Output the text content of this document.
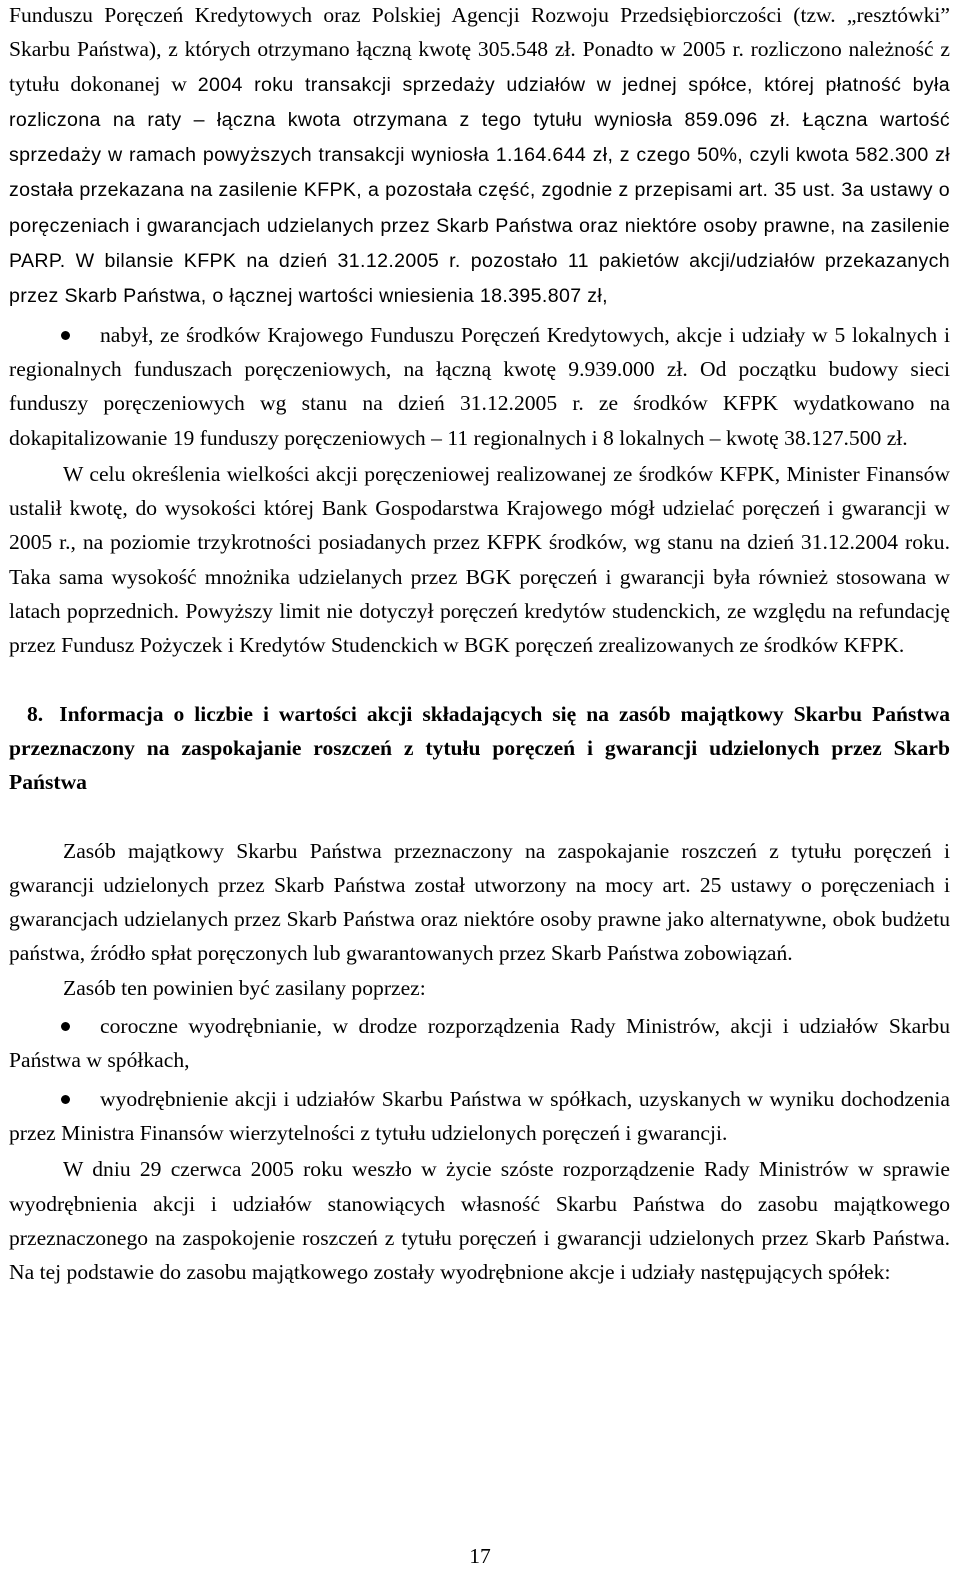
Funduszu Poręczeń Kredytowych oraz Polskiej Agencji Rozwoju Przedsiębiorczości (tzw. „resztówki” Skarbu Państwa), z których otrzymano łączną kwotę 305.548 zł. Ponadto w 2005 r. rozliczono należność z tytułu dokonanej w 2004 roku transakcji sprzedaży udziałów w jednej spółce, której płatność była rozliczona na raty – łączna kwota otrzymana z tego tytułu wyniosła 859.096 zł. Łączna wartość sprzedaży w ramach powyższych transakcji wyniosła 1.164.644 zł, z czego 50%, czyli kwota 582.300 zł została przekazana na zasilenie KFPK, a pozostała część, zgodnie z przepisami art. 35 ust. 3a ustawy o poręczeniach i gwarancjach udzielanych przez Skarb Państwa oraz niektóre osoby prawne, na zasilenie PARP. W bilansie KFPK na dzień 31.12.2005 r. pozostało 11 pakietów akcji/udziałów przekazanych przez Skarb Państwa, o łącznej wartości wniesienia 18.395.807 zł,

nabył, ze środków Krajowego Funduszu Poręczeń Kredytowych, akcje i udziały w 5 lokalnych i regionalnych funduszach poręczeniowych, na łączną kwotę 9.939.000 zł. Od początku budowy sieci funduszy poręczeniowych wg stanu na dzień 31.12.2005 r. ze środków KFPK wydatkowano na dokapitalizowanie 19 funduszy poręczeniowych – 11 regionalnych i 8 lokalnych – kwotę 38.127.500 zł.

W celu określenia wielkości akcji poręczeniowej realizowanej ze środków KFPK, Minister Finansów ustalił kwotę, do wysokości której Bank Gospodarstwa Krajowego mógł udzielać poręczeń i gwarancji w 2005 r., na poziomie trzykrotności posiadanych przez KFPK środków, wg stanu na dzień 31.12.2004 roku. Taka sama wysokość mnożnika udzielanych przez BGK poręczeń i gwarancji była również stosowana w latach poprzednich. Powyższy limit nie dotyczył poręczeń kredytów studenckich, ze względu na refundację przez Fundusz Pożyczek i Kredytów Studenckich w BGK poręczeń zrealizowanych ze środków KFPK.

8. Informacja o liczbie i wartości akcji składających się na zasób majątkowy Skarbu Państwa przeznaczony na zaspokajanie roszczeń z tytułu poręczeń i gwarancji udzielonych przez Skarb Państwa

Zasób majątkowy Skarbu Państwa przeznaczony na zaspokajanie roszczeń z tytułu poręczeń i gwarancji udzielonych przez Skarb Państwa został utworzony na mocy art. 25 ustawy o poręczeniach i gwarancjach udzielanych przez Skarb Państwa oraz niektóre osoby prawne jako alternatywne, obok budżetu państwa, źródło spłat poręczonych lub gwarantowanych przez Skarb Państwa zobowiązań.

Zasób ten powinien być zasilany poprzez:

coroczne wyodrębnianie, w drodze rozporządzenia Rady Ministrów, akcji i udziałów Skarbu Państwa w spółkach,

wyodrębnienie akcji i udziałów Skarbu Państwa w spółkach, uzyskanych w wyniku dochodzenia przez Ministra Finansów wierzytelności z tytułu udzielonych poręczeń i gwarancji.

W dniu 29 czerwca 2005 roku weszło w życie szóste rozporządzenie Rady Ministrów w sprawie wyodrębnienia akcji i udziałów stanowiących własność Skarbu Państwa do zasobu majątkowego przeznaczonego na zaspokojenie roszczeń z tytułu poręczeń i gwarancji udzielonych przez Skarb Państwa. Na tej podstawie do zasobu majątkowego zostały wyodrębnione akcje i udziały następujących spółek:

17
